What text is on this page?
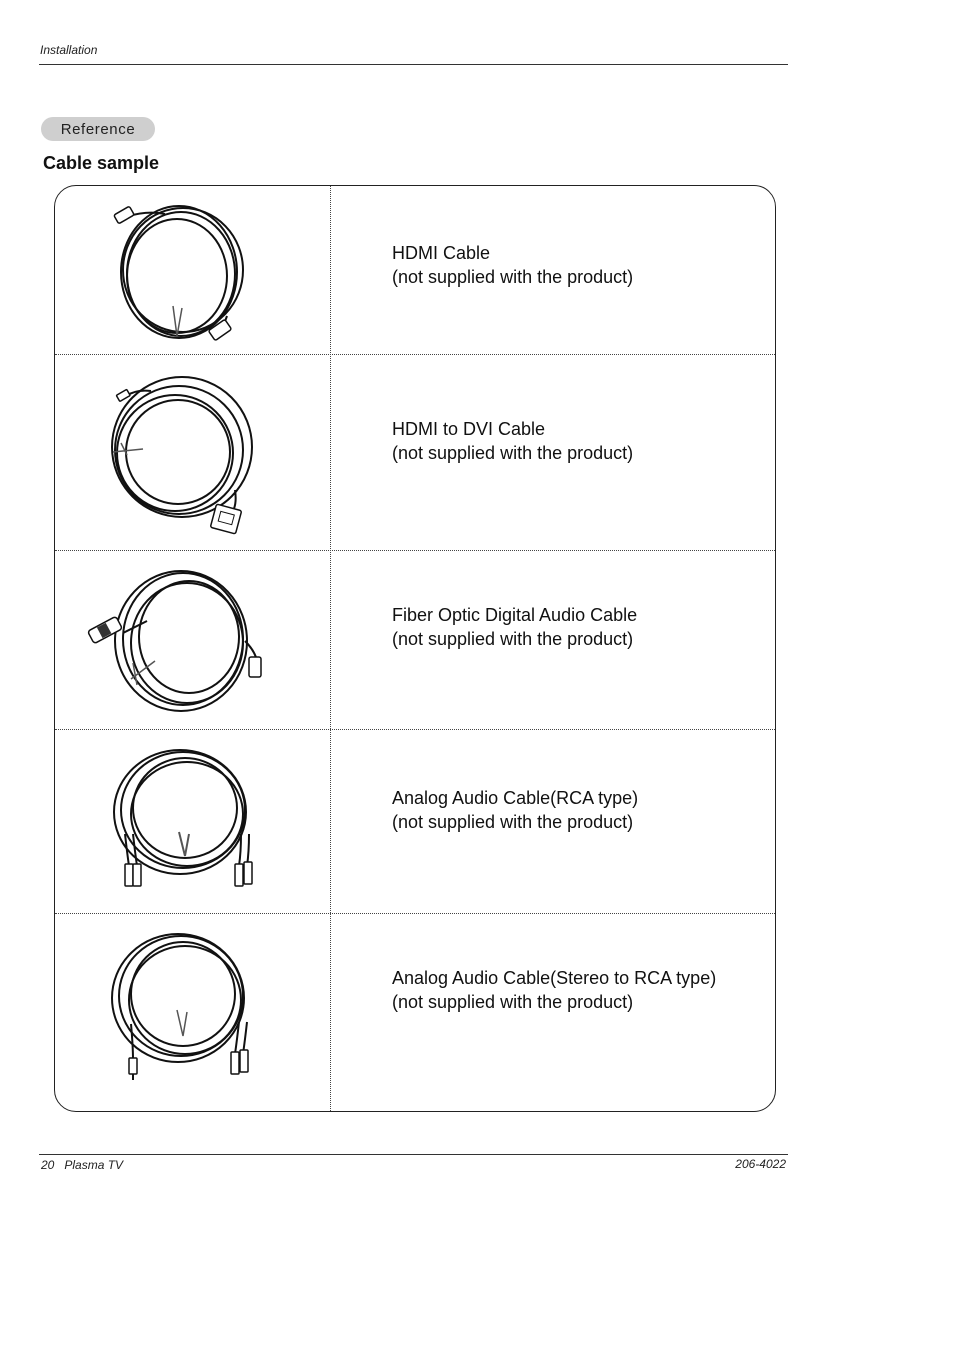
Installation
Reference
Cable sample
HDMI Cable
(not supplied with the product)
HDMI to DVI Cable
(not supplied with the product)
Fiber Optic Digital Audio Cable
(not supplied with the product)
Analog Audio Cable(RCA type)
(not supplied with the product)
Analog Audio Cable(Stereo to RCA type)
(not supplied with the product)
20 Plasma TV	206-4022
